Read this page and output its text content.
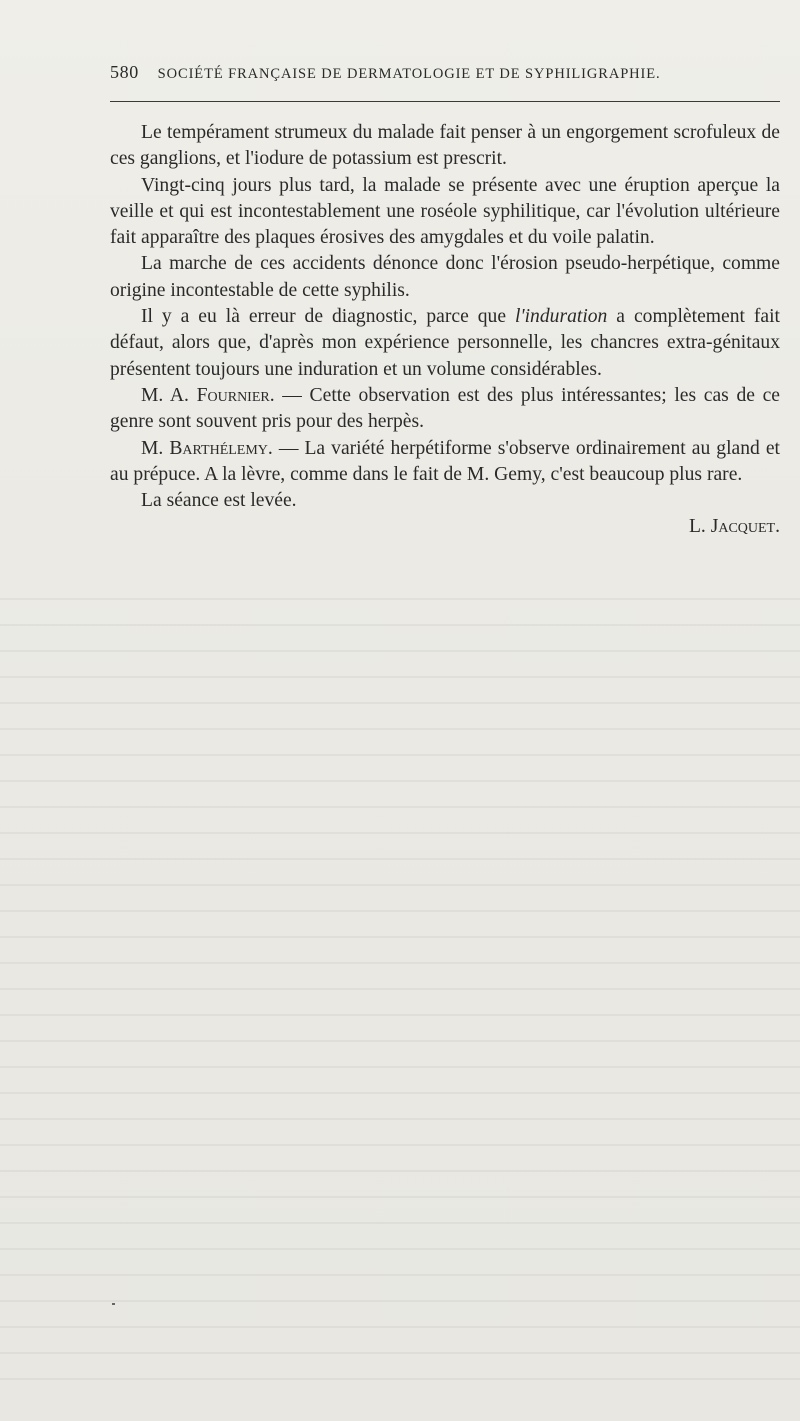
580 SOCIÉTÉ FRANÇAISE DE DERMATOLOGIE ET DE SYPHILIGRAPHIE.

Le tempérament strumeux du malade fait penser à un engorgement scrofuleux de ces ganglions, et l'iodure de potassium est prescrit.

Vingt-cinq jours plus tard, la malade se présente avec une éruption aperçue la veille et qui est incontestablement une roséole syphilitique, car l'évolution ultérieure fait apparaître des plaques érosives des amygdales et du voile palatin.

La marche de ces accidents dénonce donc l'érosion pseudo-herpétique, comme origine incontestable de cette syphilis.

Il y a eu là erreur de diagnostic, parce que l'induration a complètement fait défaut, alors que, d'après mon expérience personnelle, les chancres extra-génitaux présentent toujours une induration et un volume considérables.

M. A. Fournier. — Cette observation est des plus intéressantes; les cas de ce genre sont souvent pris pour des herpès.

M. Barthélemy. — La variété herpétiforme s'observe ordinairement au gland et au prépuce. A la lèvre, comme dans le fait de M. Gemy, c'est beaucoup plus rare.

La séance est levée.

L. Jacquet.
